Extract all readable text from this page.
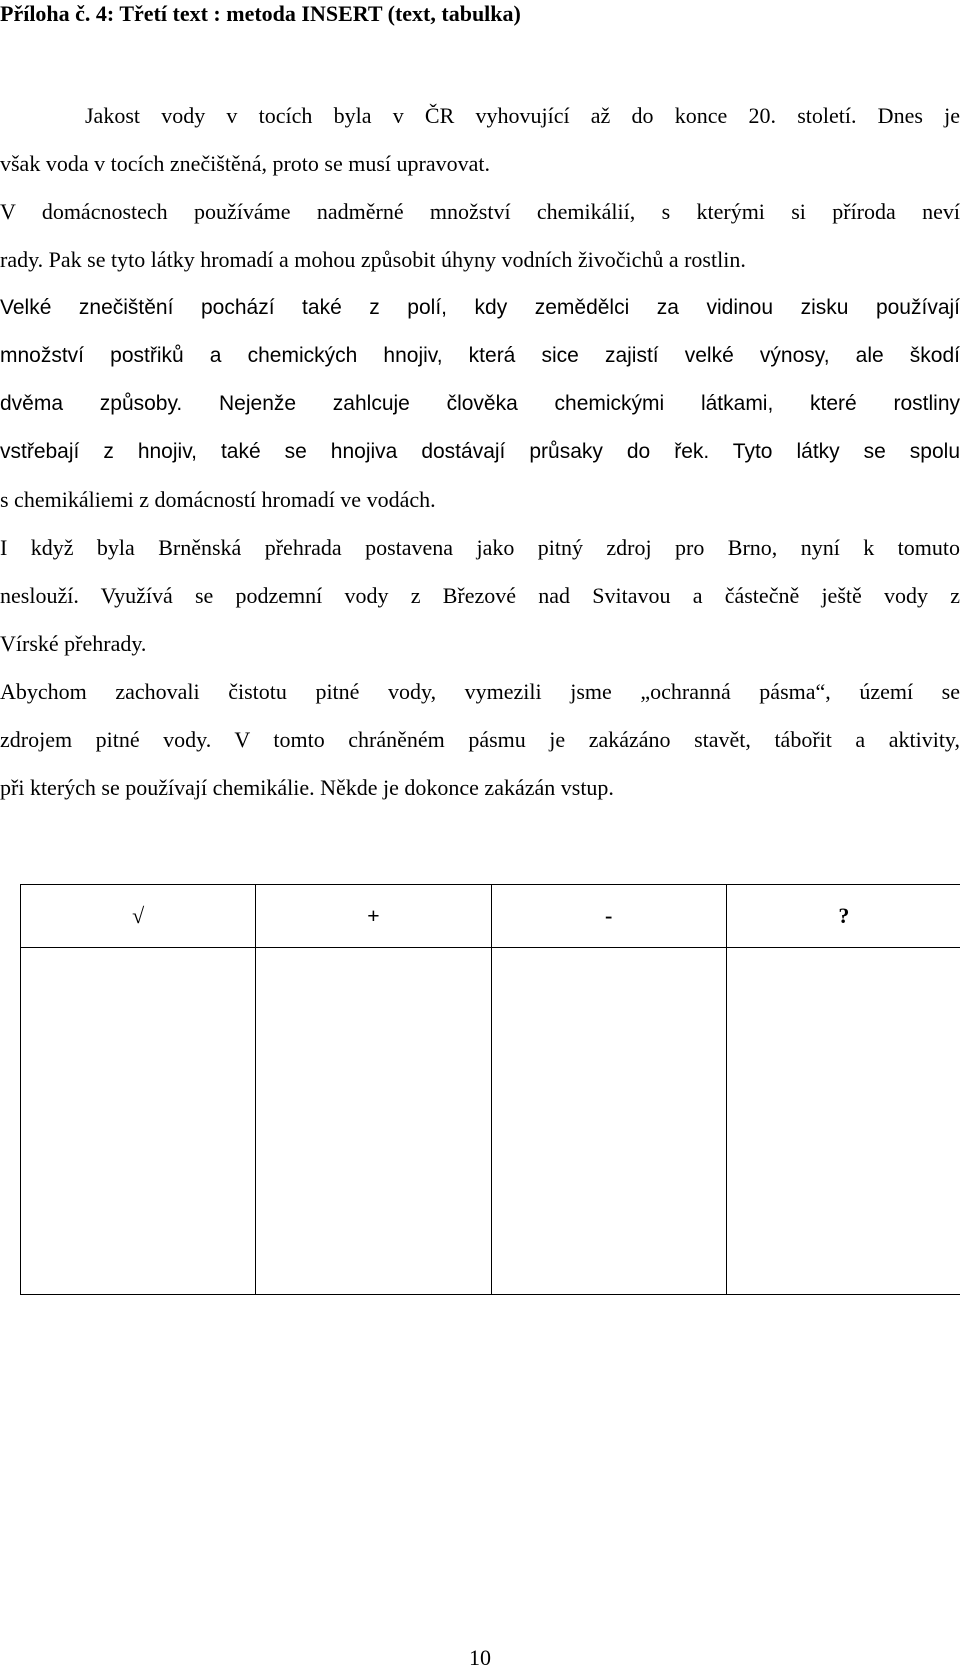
Příloha č. 4: Třetí text : metoda INSERT (text, tabulka)
Jakost vody v tocích byla v ČR vyhovující až do konce 20. století. Dnes je
však voda v tocích znečištěná, proto se musí upravovat.
V domácnostech používáme nadměrné množství chemikálií, s kterými si příroda neví
rady. Pak se tyto látky hromadí a mohou způsobit úhyny vodních živočichů a rostlin.
Velké znečištění pochází také z polí, kdy zemědělci za vidinou zisku používají
množství postřiků a chemických hnojiv, která sice zajistí velké výnosy, ale škodí
dvěma způsoby. Nejenže zahlcuje člověka chemickými látkami, které rostliny
vstřebají z hnojiv, také se hnojiva dostávají průsaky do řek. Tyto látky se spolu
s chemikáliemi z domácností hromadí ve vodách.
I když byla Brněnská přehrada postavena jako pitný zdroj pro Brno, nyní k tomuto
neslouží. Využívá se podzemní vody z Březové nad Svitavou a částečně ještě vody z
Vírské přehrady.
Abychom zachovali čistotu pitné vody, vymezili jsme „ochranná pásma“, území se
zdrojem pitné vody. V tomto chráněném pásmu je zakázáno stavět, tábořit a aktivity,
při kterých se používají chemikálie. Někde je dokonce zakázán vstup.
√	+	-	?

10
